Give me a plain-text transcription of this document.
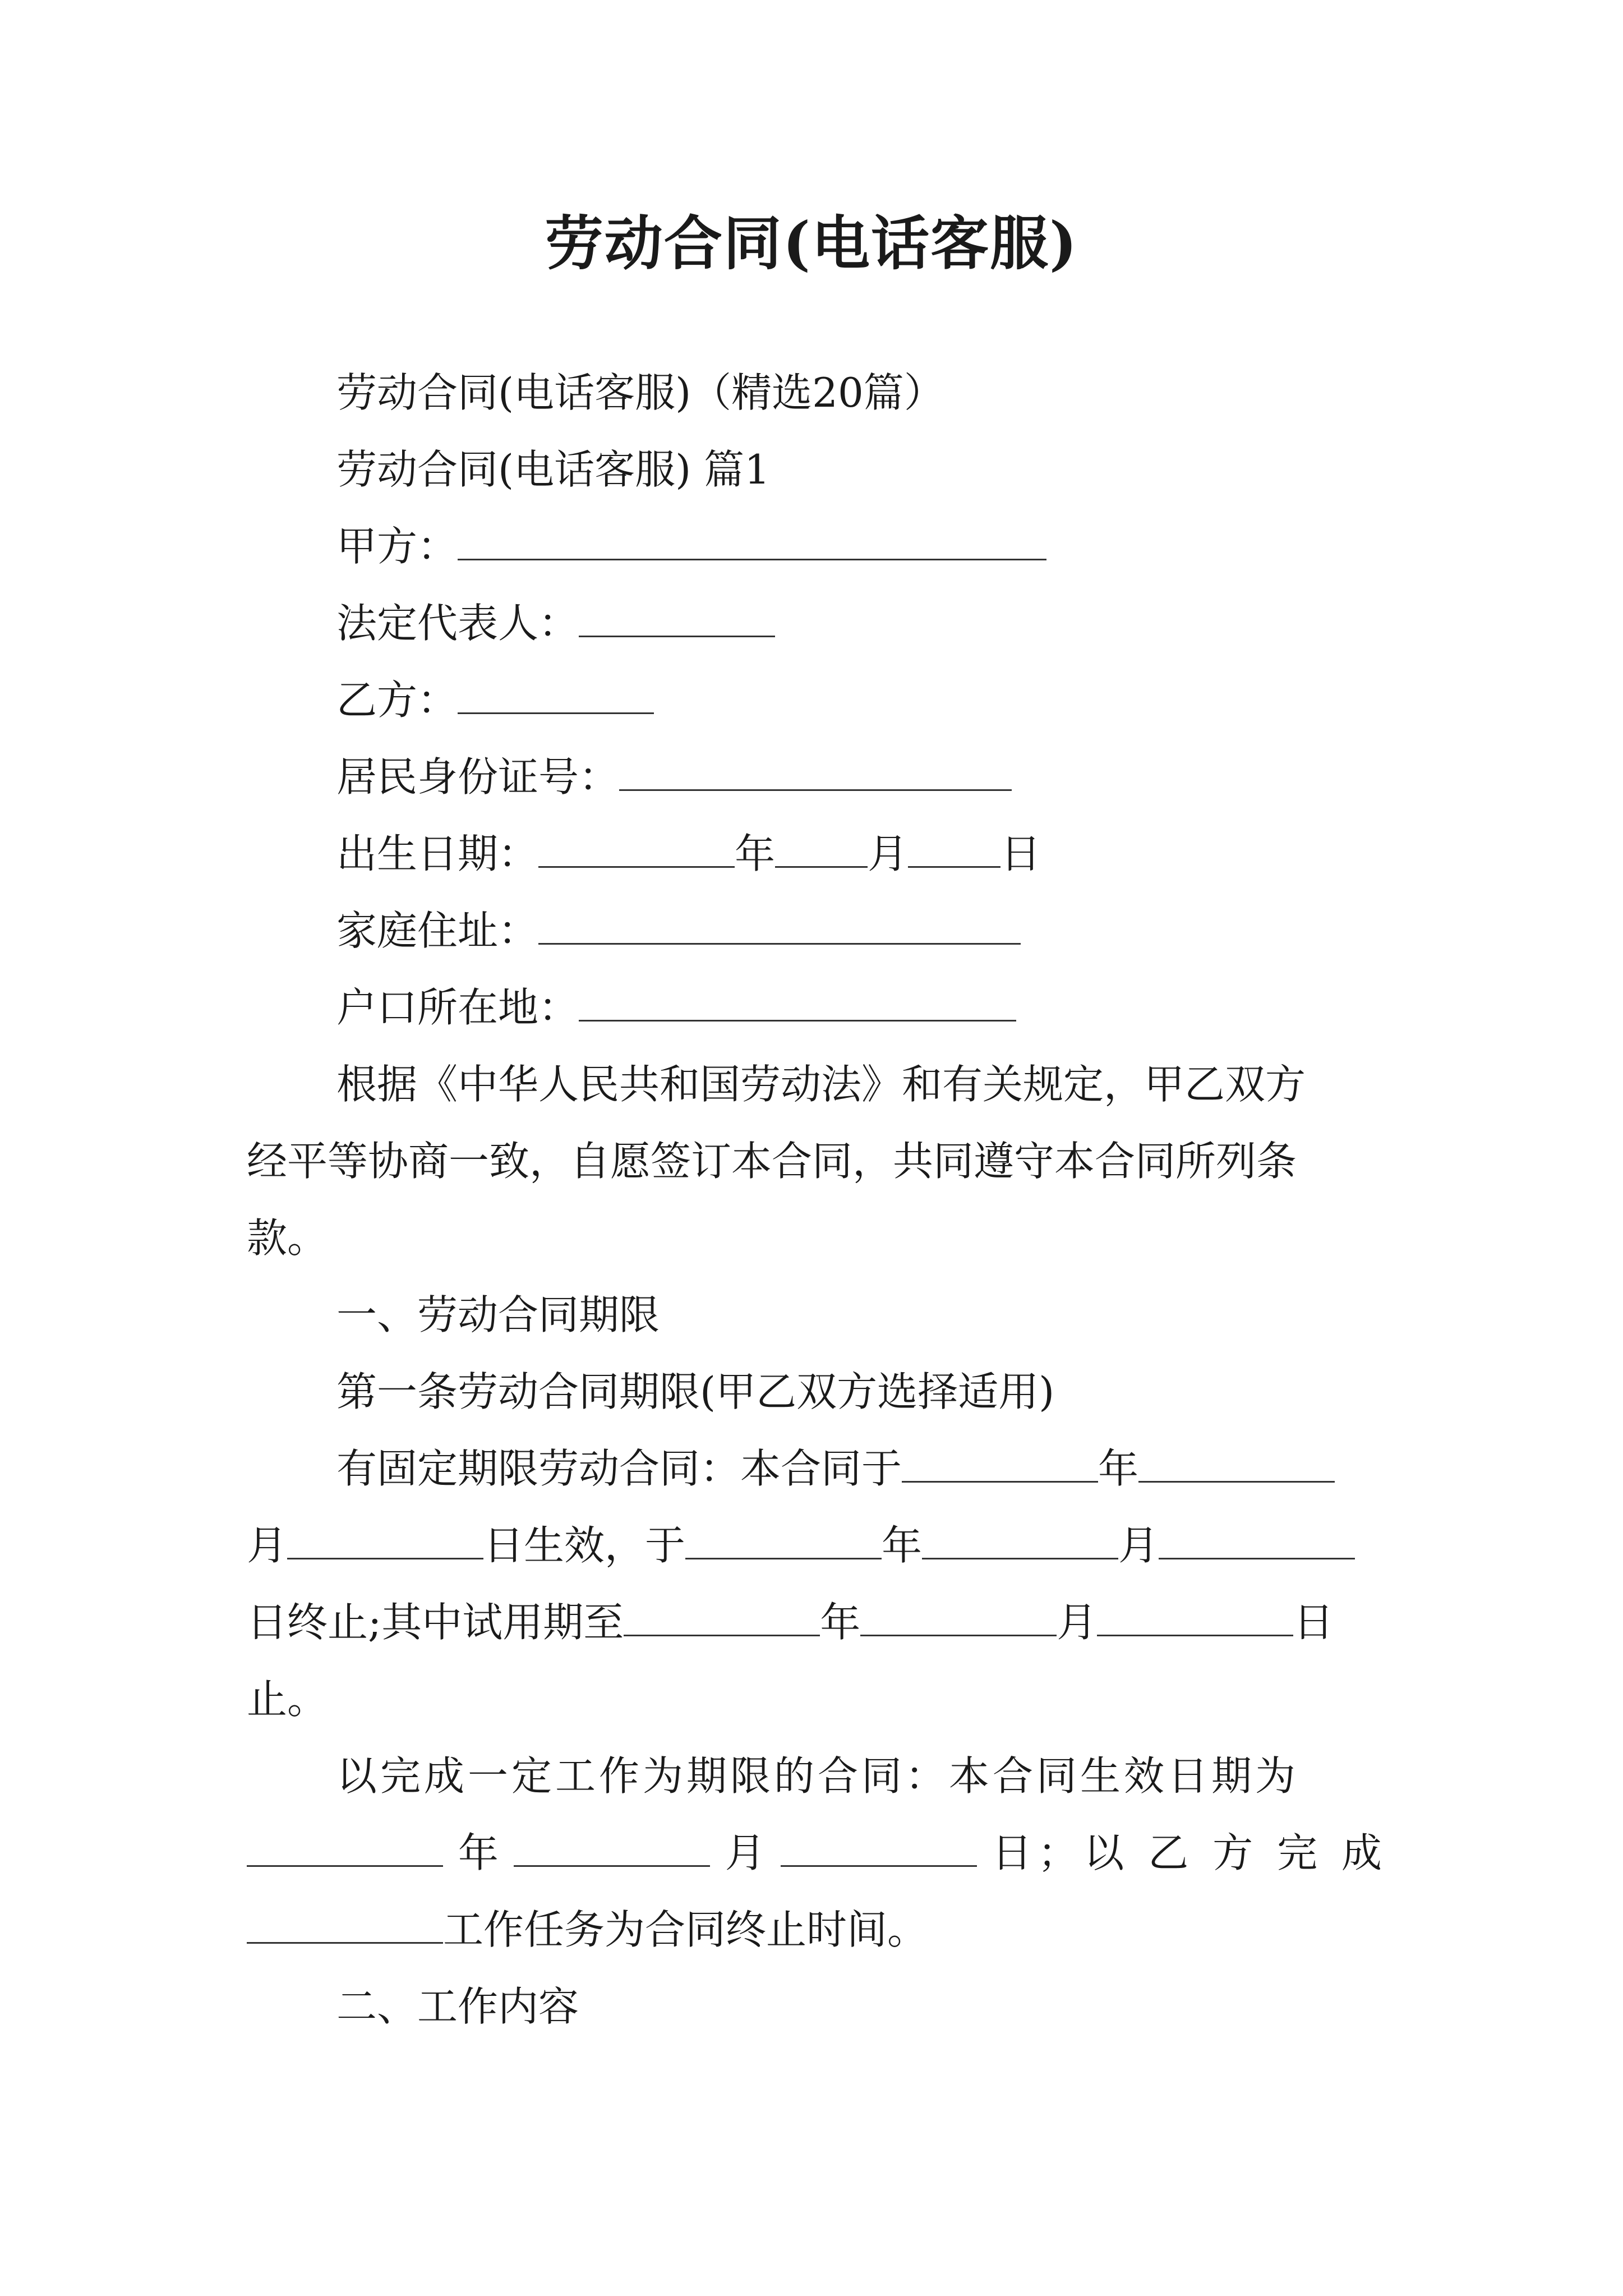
劳动合同(电话客服)
劳动合同(电话客服)（精选20篇）
劳动合同(电话客服) 篇1
甲方：
法定代表人：
乙方：
居民身份证号：
出生日期：	年 月 日
家庭住址：
户口所在地：
根据《中华人民共和国劳动法》和有关规定，甲乙双方
经平等协商一致，自愿签订本合同，共同遵守本合同所列条
款。
一、劳动合同期限
第一条劳动合同期限(甲乙双方选择适用)
有固定期限劳动合同：本合同于	年
月	日生效，于	年	月
日终止;其中试用期至	年	月	日
止。
以完成一定工作为期限的合同：本合同生效日期为
年	月	日；以 乙 方 完 成
工作任务为合同终止时间。
二、工作内容
